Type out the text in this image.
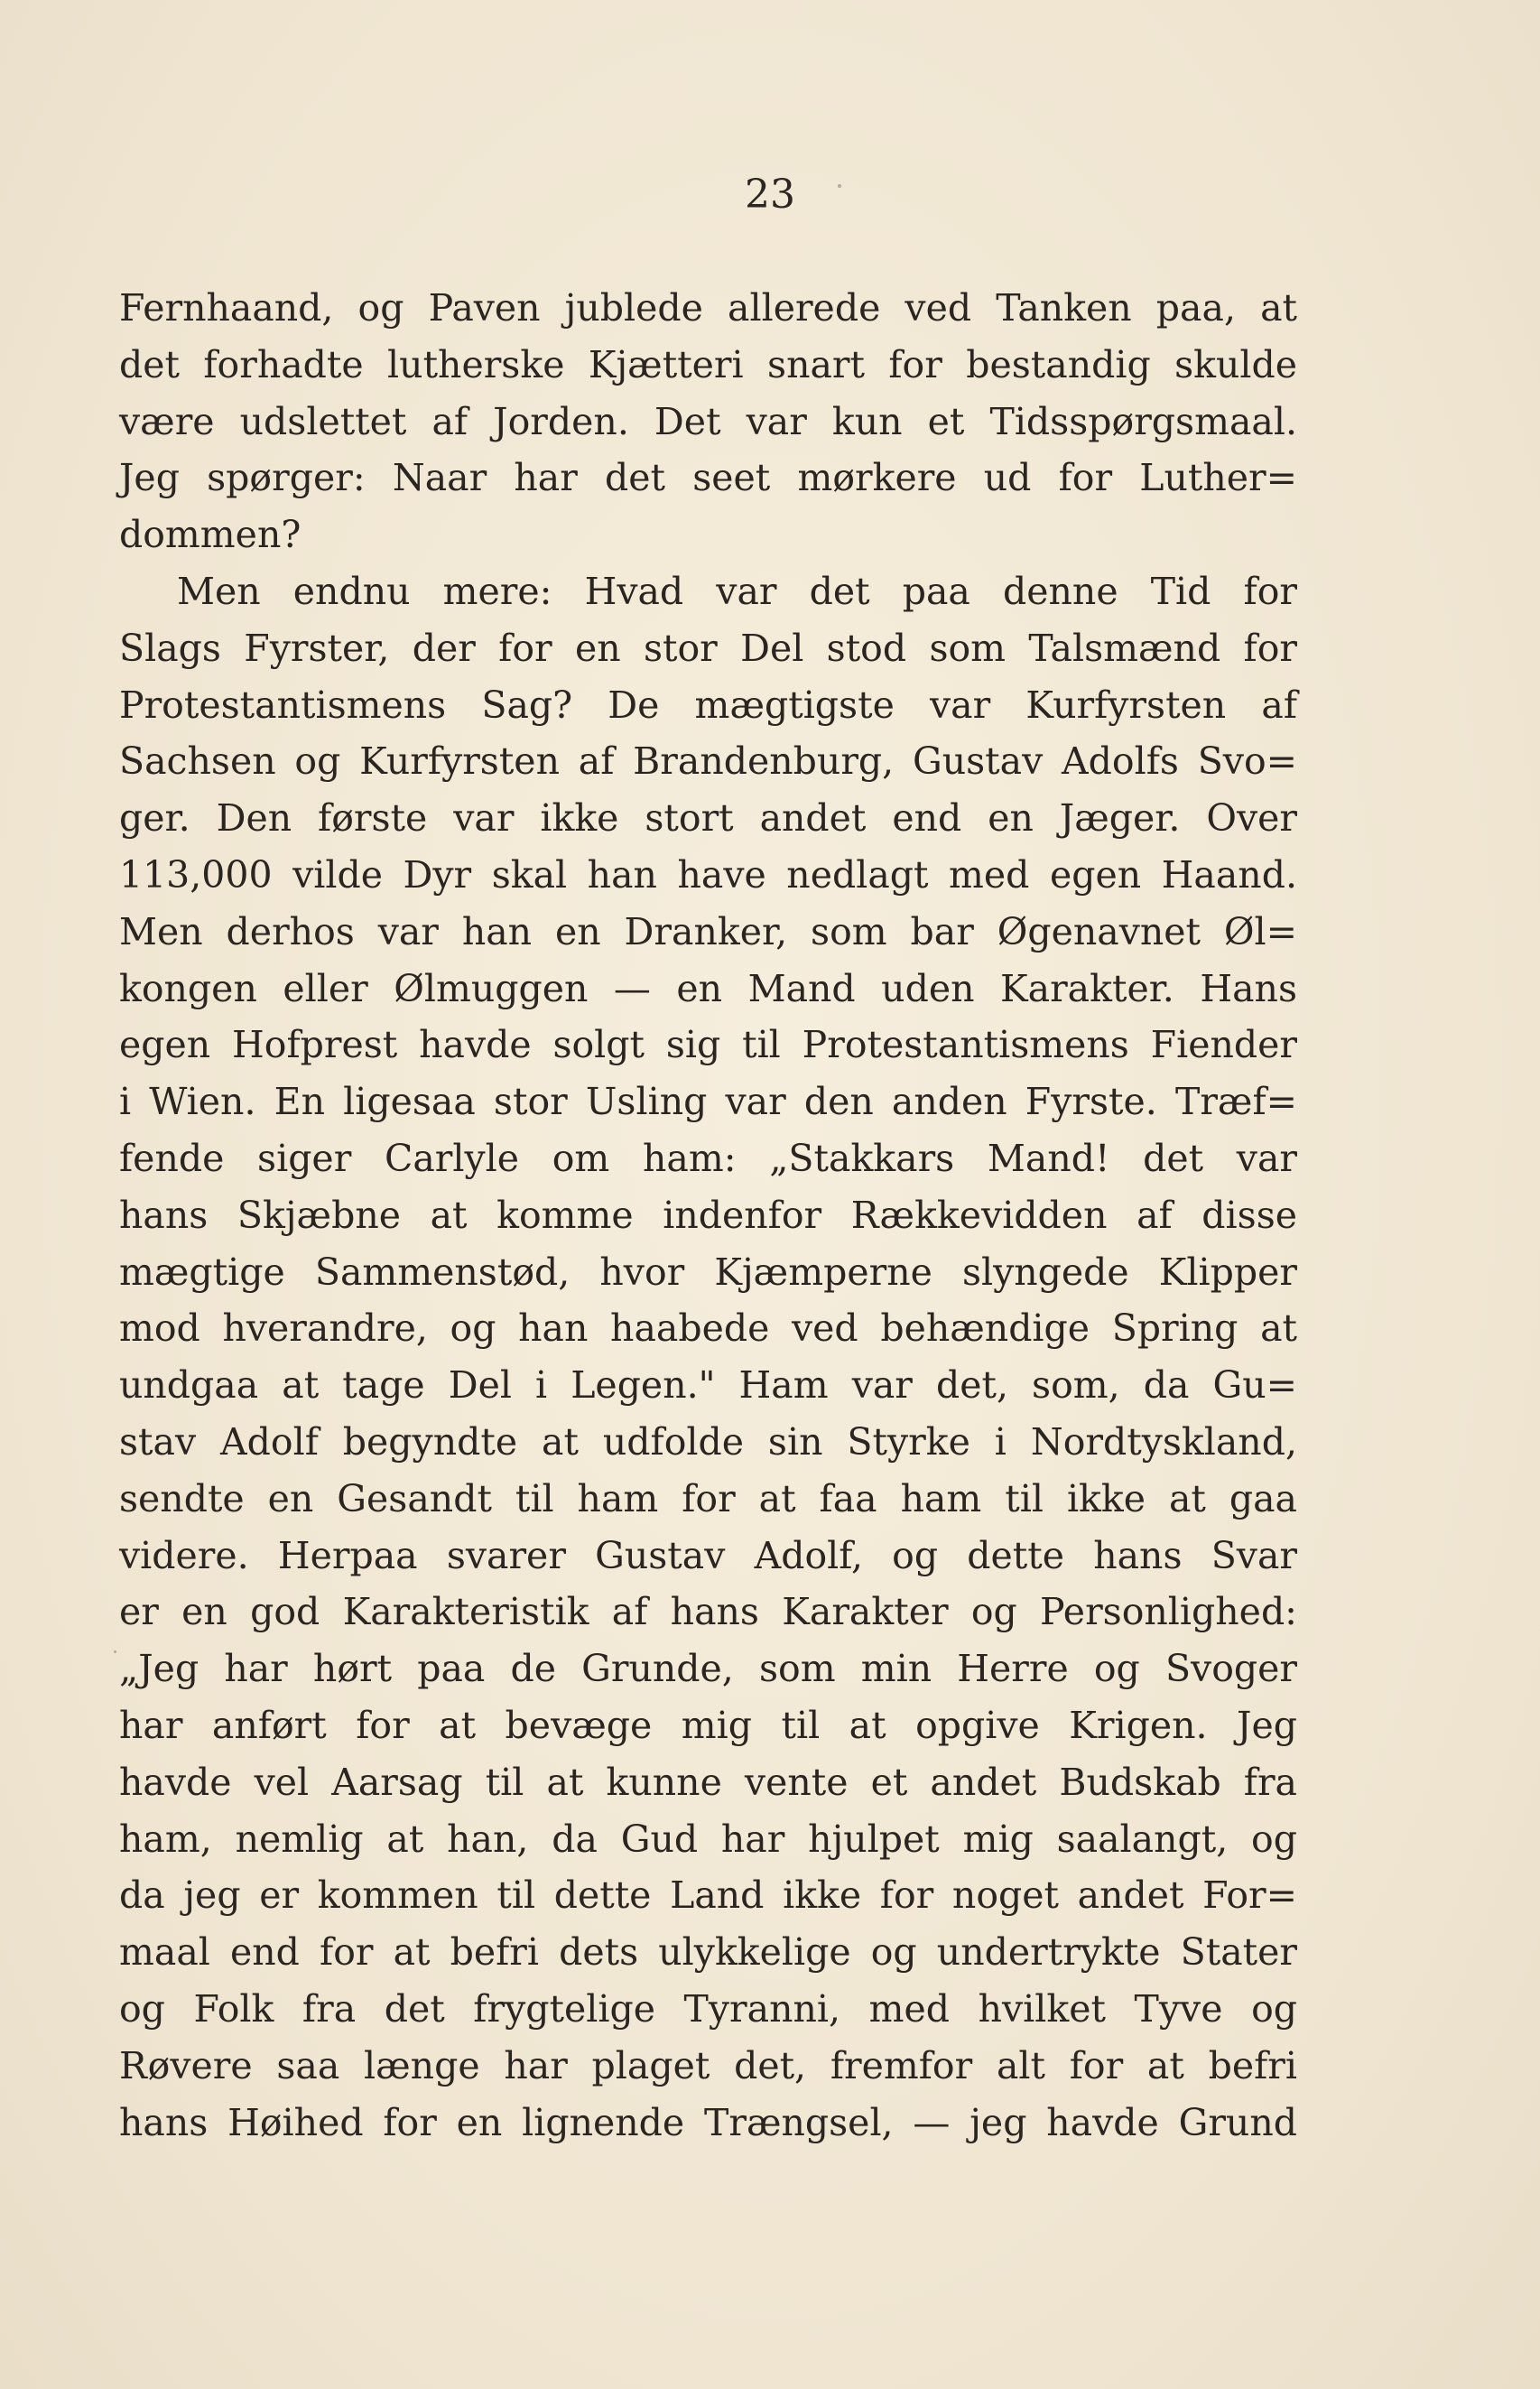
23
Fernhaand, og Paven jublede allerede ved Tanken paa, at
det forhadte lutherske Kjætteri snart for bestandig skulde
være udslettet af Jorden. Det var kun et Tidsspørgsmaal.
Jeg spørger: Naar har det seet mørkere ud for Luther=
dommen?
Men endnu mere: Hvad var det paa denne Tid for
Slags Fyrster, der for en stor Del stod som Talsmænd for
Protestantismens Sag? De mægtigste var Kurfyrsten af
Sachsen og Kurfyrsten af Brandenburg, Gustav Adolfs Svo=
ger. Den første var ikke stort andet end en Jæger. Over
113,000 vilde Dyr skal han have nedlagt med egen Haand.
Men derhos var han en Dranker, som bar Øgenavnet Øl=
kongen eller Ølmuggen — en Mand uden Karakter. Hans
egen Hofprest havde solgt sig til Protestantismens Fiender
i Wien. En ligesaa stor Usling var den anden Fyrste. Træf=
fende siger Carlyle om ham: „Stakkars Mand! det var
hans Skjæbne at komme indenfor Rækkevidden af disse
mægtige Sammenstød, hvor Kjæmperne slyngede Klipper
mod hverandre, og han haabede ved behændige Spring at
undgaa at tage Del i Legen." Ham var det, som, da Gu=
stav Adolf begyndte at udfolde sin Styrke i Nordtyskland,
sendte en Gesandt til ham for at faa ham til ikke at gaa
videre. Herpaa svarer Gustav Adolf, og dette hans Svar
er en god Karakteristik af hans Karakter og Personlighed:
„Jeg har hørt paa de Grunde, som min Herre og Svoger
har anført for at bevæge mig til at opgive Krigen. Jeg
havde vel Aarsag til at kunne vente et andet Budskab fra
ham, nemlig at han, da Gud har hjulpet mig saalangt, og
da jeg er kommen til dette Land ikke for noget andet For=
maal end for at befri dets ulykkelige og undertrykte Stater
og Folk fra det frygtelige Tyranni, med hvilket Tyve og
Røvere saa længe har plaget det, fremfor alt for at befri
hans Høihed for en lignende Trængsel, — jeg havde Grund
